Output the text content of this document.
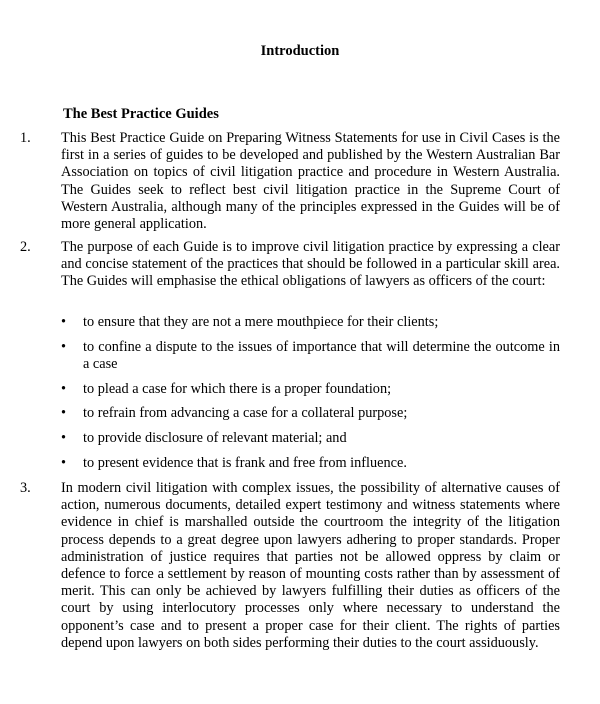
Introduction
The Best Practice Guides
1. This Best Practice Guide on Preparing Witness Statements for use in Civil Cases is the first in a series of guides to be developed and published by the Western Australian Bar Association on topics of civil litigation practice and procedure in Western Australia. The Guides seek to reflect best civil litigation practice in the Supreme Court of Western Australia, although many of the principles expressed in the Guides will be of more general application.
2. The purpose of each Guide is to improve civil litigation practice by expressing a clear and concise statement of the practices that should be followed in a particular skill area. The Guides will emphasise the ethical obligations of lawyers as officers of the court:
•	to ensure that they are not a mere mouthpiece for their clients;
•	to confine a dispute to the issues of importance that will determine the outcome in a case
•	to plead a case for which there is a proper foundation;
•	to refrain from advancing a case for a collateral purpose;
•	to provide disclosure of relevant material; and
•	to present evidence that is frank and free from influence.
3. In modern civil litigation with complex issues, the possibility of alternative causes of action, numerous documents, detailed expert testimony and witness statements where evidence in chief is marshalled outside the courtroom the integrity of the litigation process depends to a great degree upon lawyers adhering to proper standards. Proper administration of justice requires that parties not be allowed oppress by claim or defence to force a settlement by reason of mounting costs rather than by assessment of merit. This can only be achieved by lawyers fulfilling their duties as officers of the court by using interlocutory processes only where necessary to understand the opponent’s case and to present a proper case for their client. The rights of parties depend upon lawyers on both sides performing their duties to the court assiduously.
